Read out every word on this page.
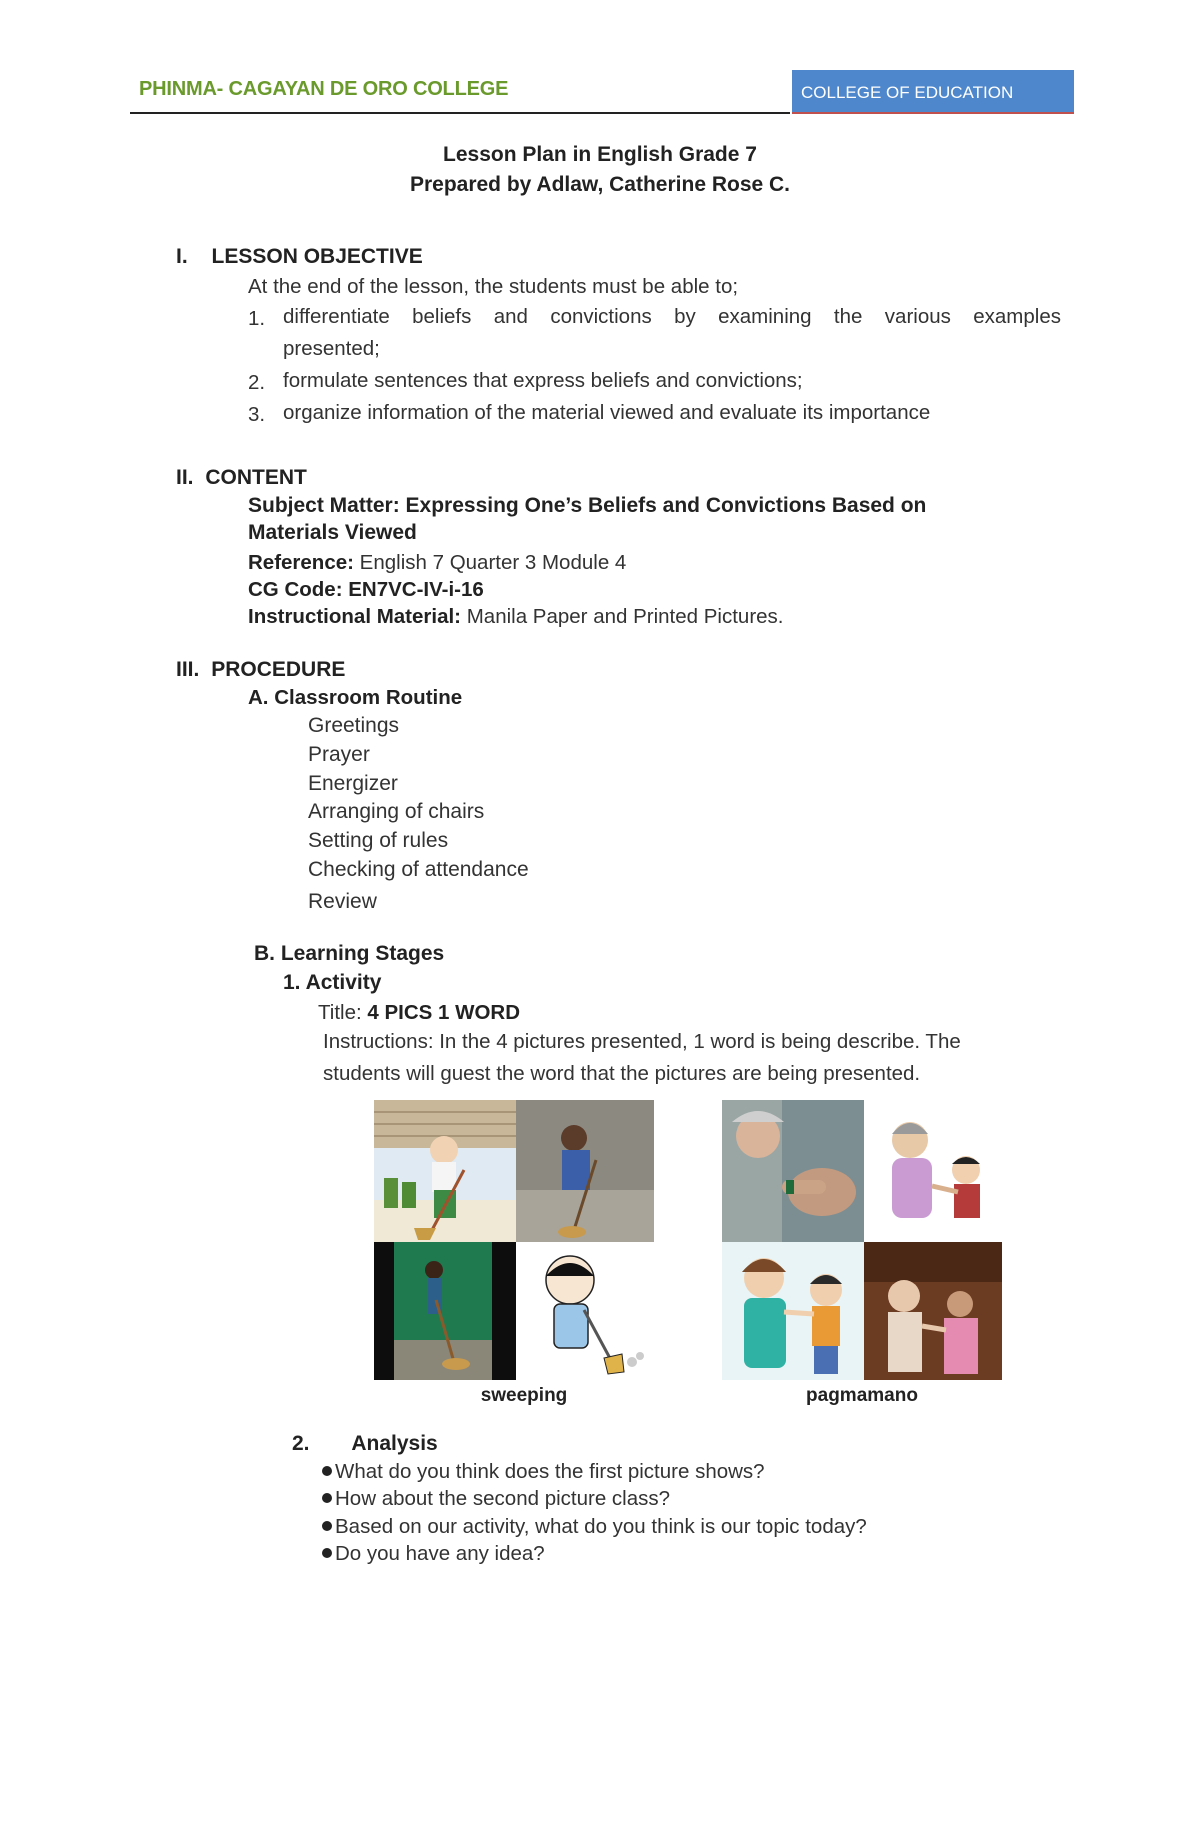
PHINMA- CAGAYAN DE ORO COLLEGE	COLLEGE OF EDUCATION
Lesson Plan in English Grade 7
Prepared by Adlaw, Catherine Rose C.
I. LESSON OBJECTIVE
At the end of the lesson, the students must be able to;
1. differentiate beliefs and convictions by examining the various examples
presented;
2. formulate sentences that express beliefs and convictions;
3. organize information of the material viewed and evaluate its importance
II. CONTENT
Subject Matter: Expressing One’s Beliefs and Convictions Based on
Materials Viewed
Reference: English 7 Quarter 3 Module 4
CG Code: EN7VC-IV-i-16
Instructional Material: Manila Paper and Printed Pictures.
III. PROCEDURE
A. Classroom Routine
Greetings
Prayer
Energizer
Arranging of chairs
Setting of rules
Checking of attendance
Review
B. Learning Stages
1. Activity
Title: 4 PICS 1 WORD
Instructions: In the 4 pictures presented, 1 word is being describe. The
students will guest the word that the pictures are being presented.
sweeping	pagmamano
2. Analysis
What do you think does the first picture shows?
How about the second picture class?
Based on our activity, what do you think is our topic today?
Do you have any idea?
